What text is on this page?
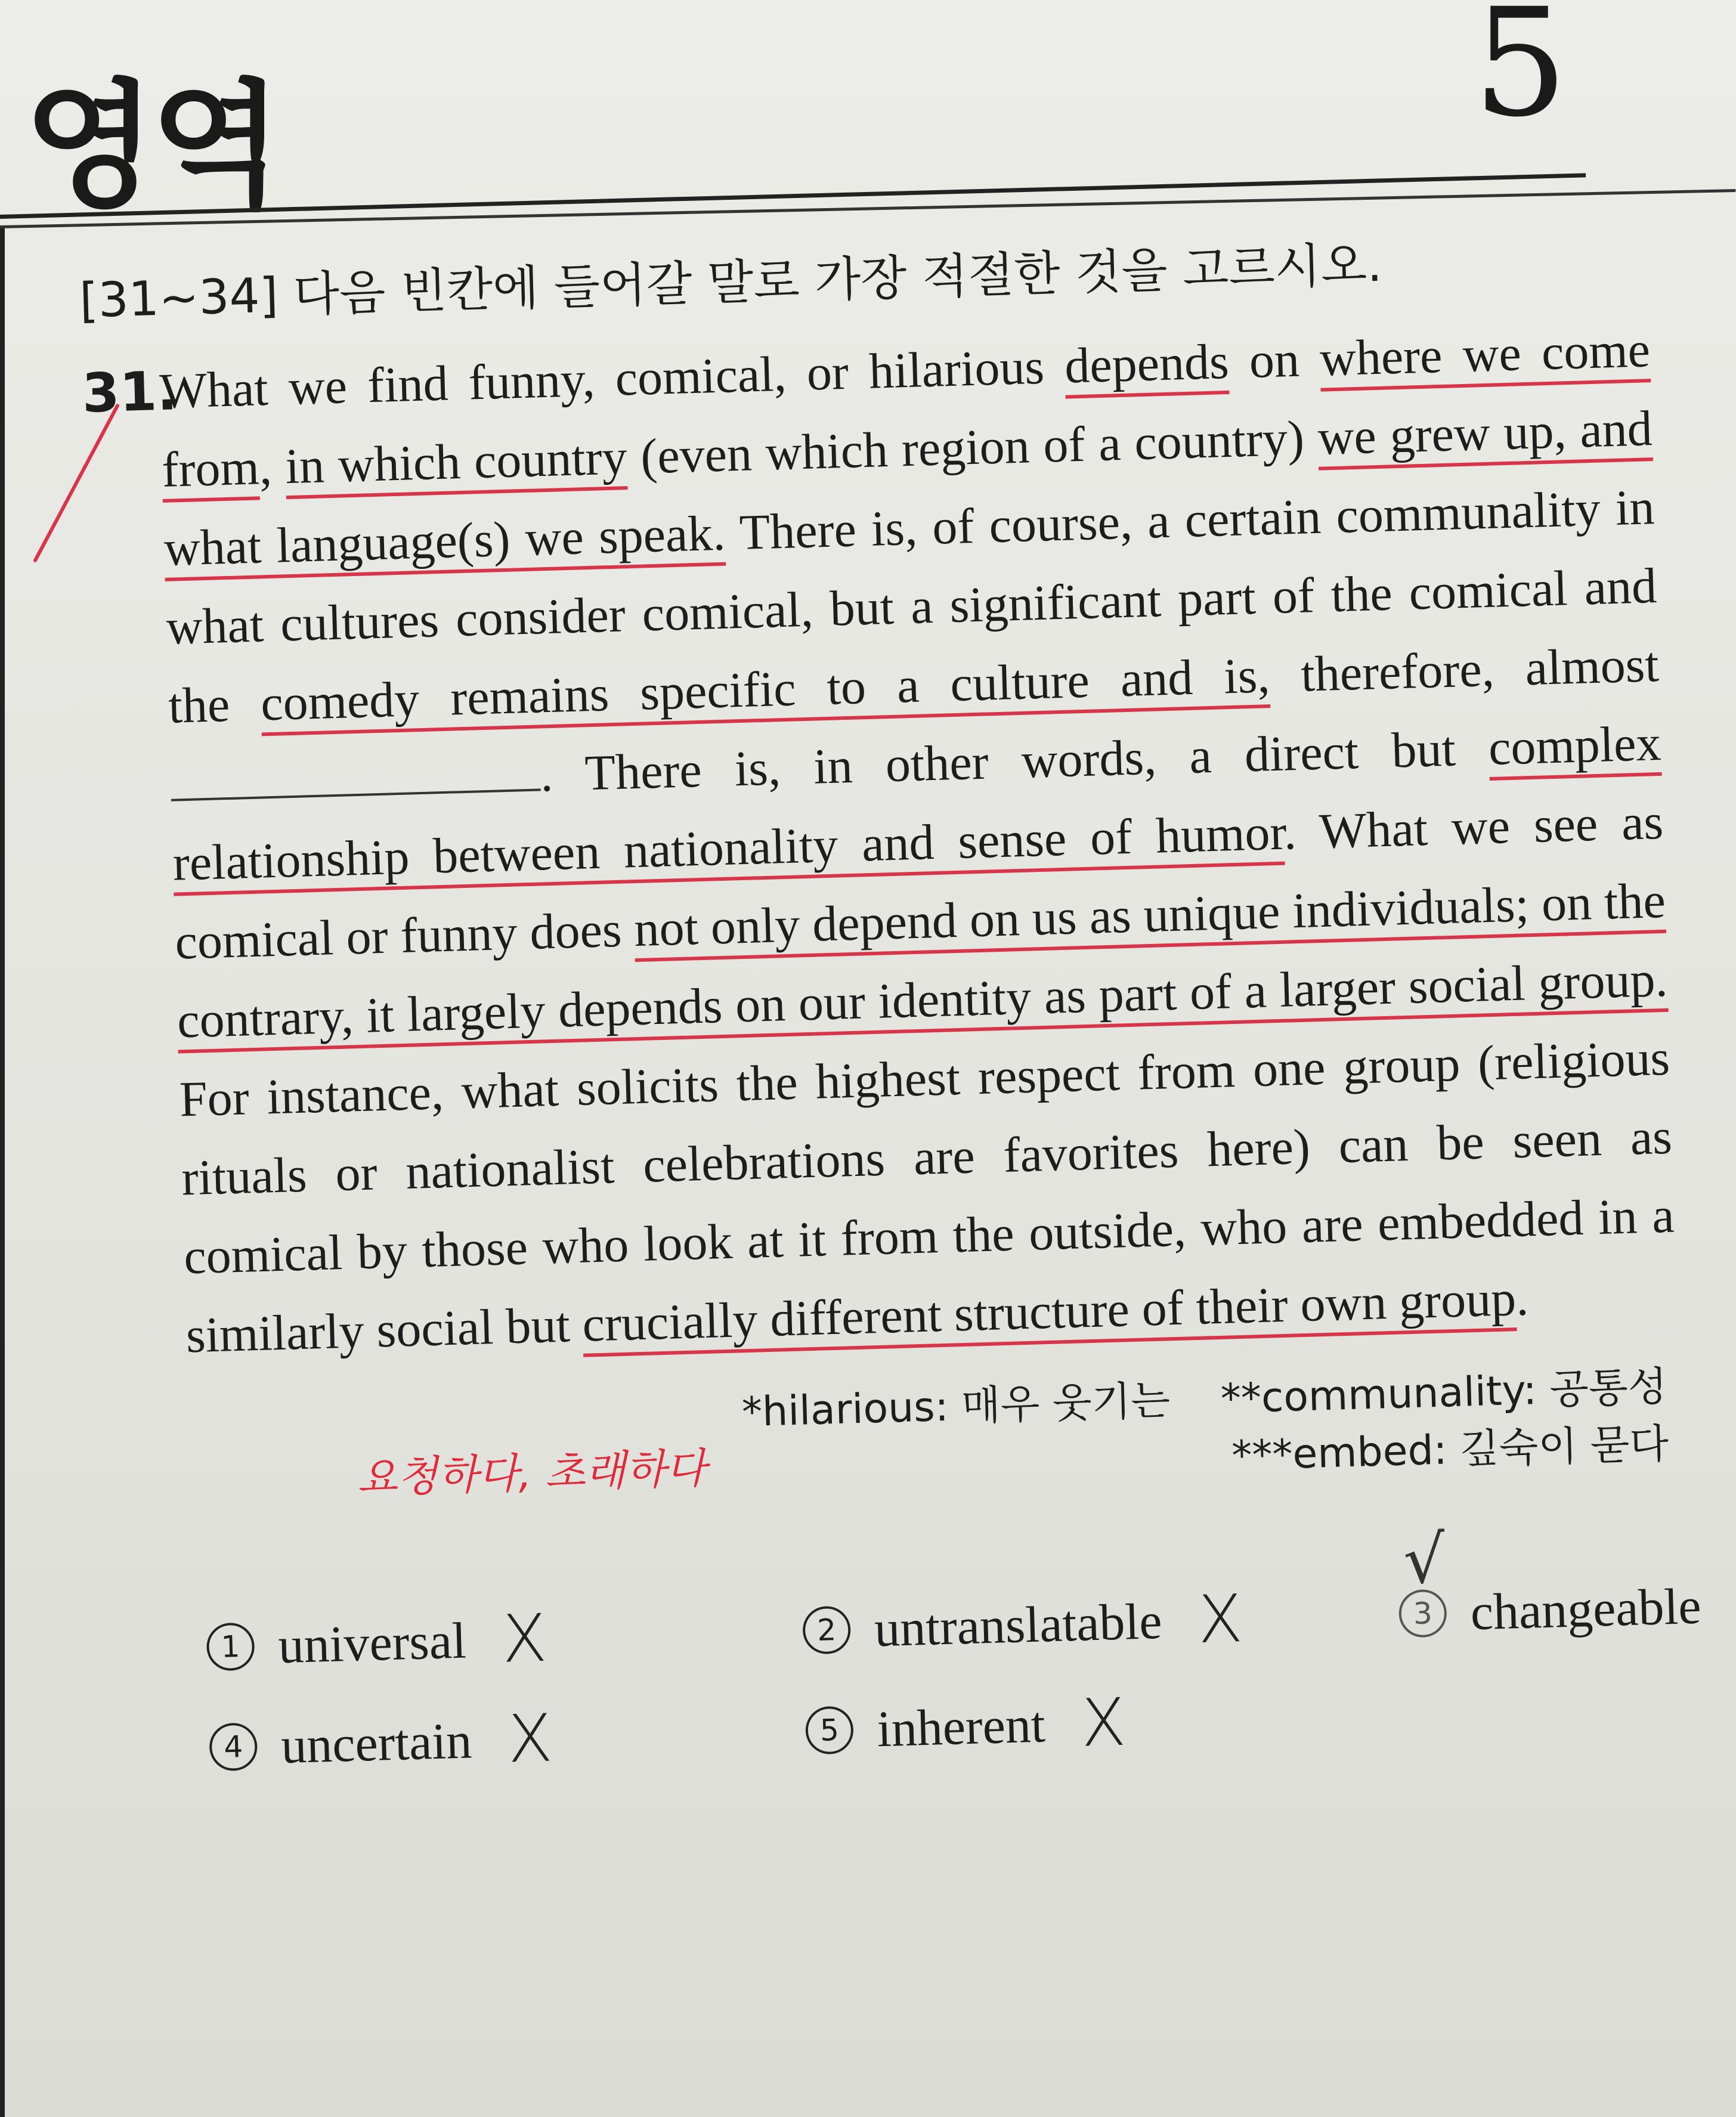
영역	5
[31~34] 다음 빈칸에 들어갈 말로 가장 적절한 것을 고르시오.
31.
What we find funny, comical, or hilarious depends on where we come from, in which country (even which region of a country) we grew up, and what language(s) we speak. There is, of course, a certain communality in what cultures consider comical, but a significant part of the comical and the comedy remains specific to a culture and is, therefore, almost . There is, in other words, a direct but complex relationship between nationality and sense of humor. What we see as comical or funny does not only depend on us as unique individuals; on the contrary, it largely depends on our identity as part of a larger social group. For instance, what solicits the highest respect from one group (religious rituals or nationalist celebrations are favorites here) can be seen as comical by those who look at it from the outside, who are embedded in a similarly social but crucially different structure of their own group.
요청하다, 초래하다
*hilarious: 매우 웃기는 **communality: 공통성
***embed: 깊숙이 묻다
1 universal X	2 untranslatable X	3 changeable
√
4 uncertain X	5 inherent X
